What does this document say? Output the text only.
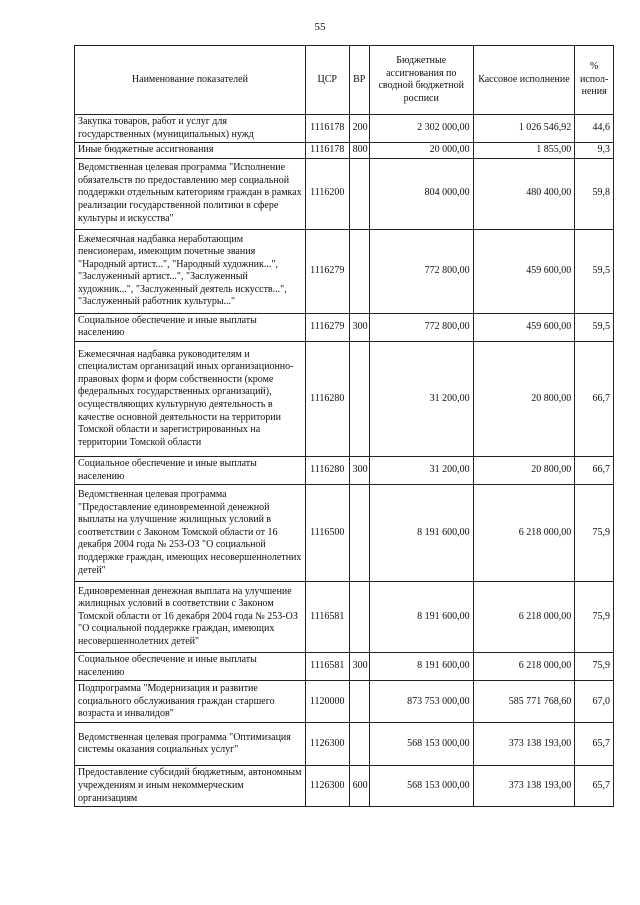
55
Наименование показателей	ЦСР	ВР	Бюджетные ассигнования по сводной бюджетной росписи	Кассовое исполнение	% испол-нения
Закупка товаров, работ и услуг для государственных (муниципальных) нужд	1116178	200	2 302 000,00	1 026 546,92	44,6
Иные бюджетные ассигнования	1116178	800	20 000,00	1 855,00	9,3
Ведомственная целевая программа "Исполнение обязательств по предоставлению мер социальной поддержки отдельным категориям граждан в рамках реализации государственной политики в сфере культуры и искусства"	1116200		804 000,00	480 400,00	59,8
Ежемесячная надбавка неработающим пенсионерам, имеющим почетные звания "Народный артист...", "Народный художник...", "Заслуженный артист...", "Заслуженный художник...", "Заслуженный деятель искусств...", "Заслуженный работник культуры..."	1116279		772 800,00	459 600,00	59,5
Социальное обеспечение и иные выплаты населению	1116279	300	772 800,00	459 600,00	59,5
Ежемесячная надбавка руководителям и специалистам организаций иных организационно-правовых форм и форм собственности (кроме федеральных государственных организаций), осуществляющих культурную деятельность в качестве основной деятельности на территории Томской области и зарегистрированных на территории Томской области	1116280		31 200,00	20 800,00	66,7
Социальное обеспечение и иные выплаты населению	1116280	300	31 200,00	20 800,00	66,7
Ведомственная целевая программа "Предоставление единовременной денежной выплаты на улучшение жилищных условий в соответствии с Законом Томской области от 16 декабря 2004 года № 253-ОЗ "О социальной поддержке граждан, имеющих несовершеннолетних детей"	1116500		8 191 600,00	6 218 000,00	75,9
Единовременная денежная выплата на улучшение жилищных условий в соответствии с Законом Томской области от 16 декабря 2004 года № 253-ОЗ "О социальной поддержке граждан, имеющих несовершеннолетних детей"	1116581		8 191 600,00	6 218 000,00	75,9
Социальное обеспечение и иные выплаты населению	1116581	300	8 191 600,00	6 218 000,00	75,9
Подпрограмма "Модернизация и развитие социального обслуживания граждан старшего возраста и инвалидов"	1120000		873 753 000,00	585 771 768,60	67,0
Ведомственная целевая программа "Оптимизация системы оказания социальных услуг"	1126300		568 153 000,00	373 138 193,00	65,7
Предоставление субсидий бюджетным, автономным учреждениям и иным некоммерческим организациям	1126300	600	568 153 000,00	373 138 193,00	65,7
